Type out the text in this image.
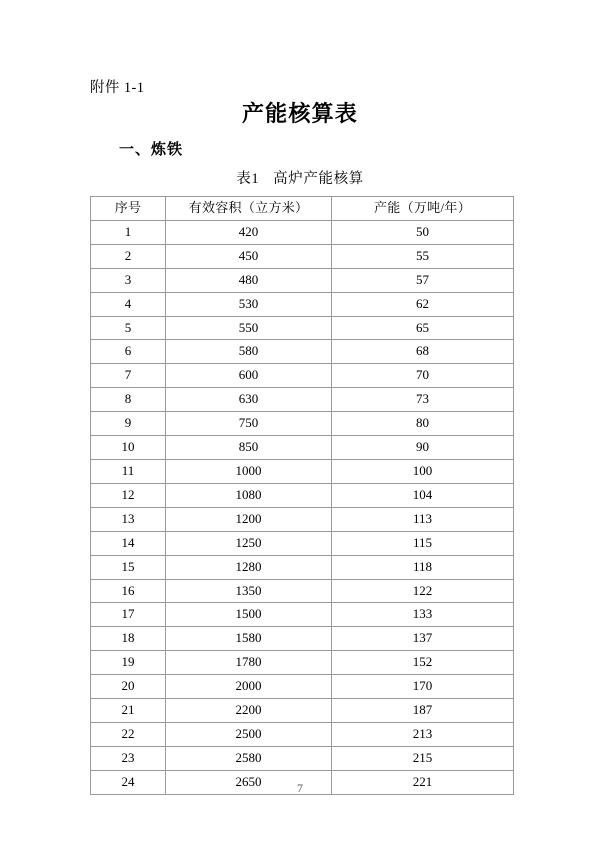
附件 1-1
产能核算表
一、炼铁
表1 高炉产能核算
序号	有效容积（立方米）	产能（万吨/年）
1	420	50
2	450	55
3	480	57
4	530	62
5	550	65
6	580	68
7	600	70
8	630	73
9	750	80
10	850	90
11	1000	100
12	1080	104
13	1200	113
14	1250	115
15	1280	118
16	1350	122
17	1500	133
18	1580	137
19	1780	152
20	2000	170
21	2200	187
22	2500	213
23	2580	215
24	2650	221
7
